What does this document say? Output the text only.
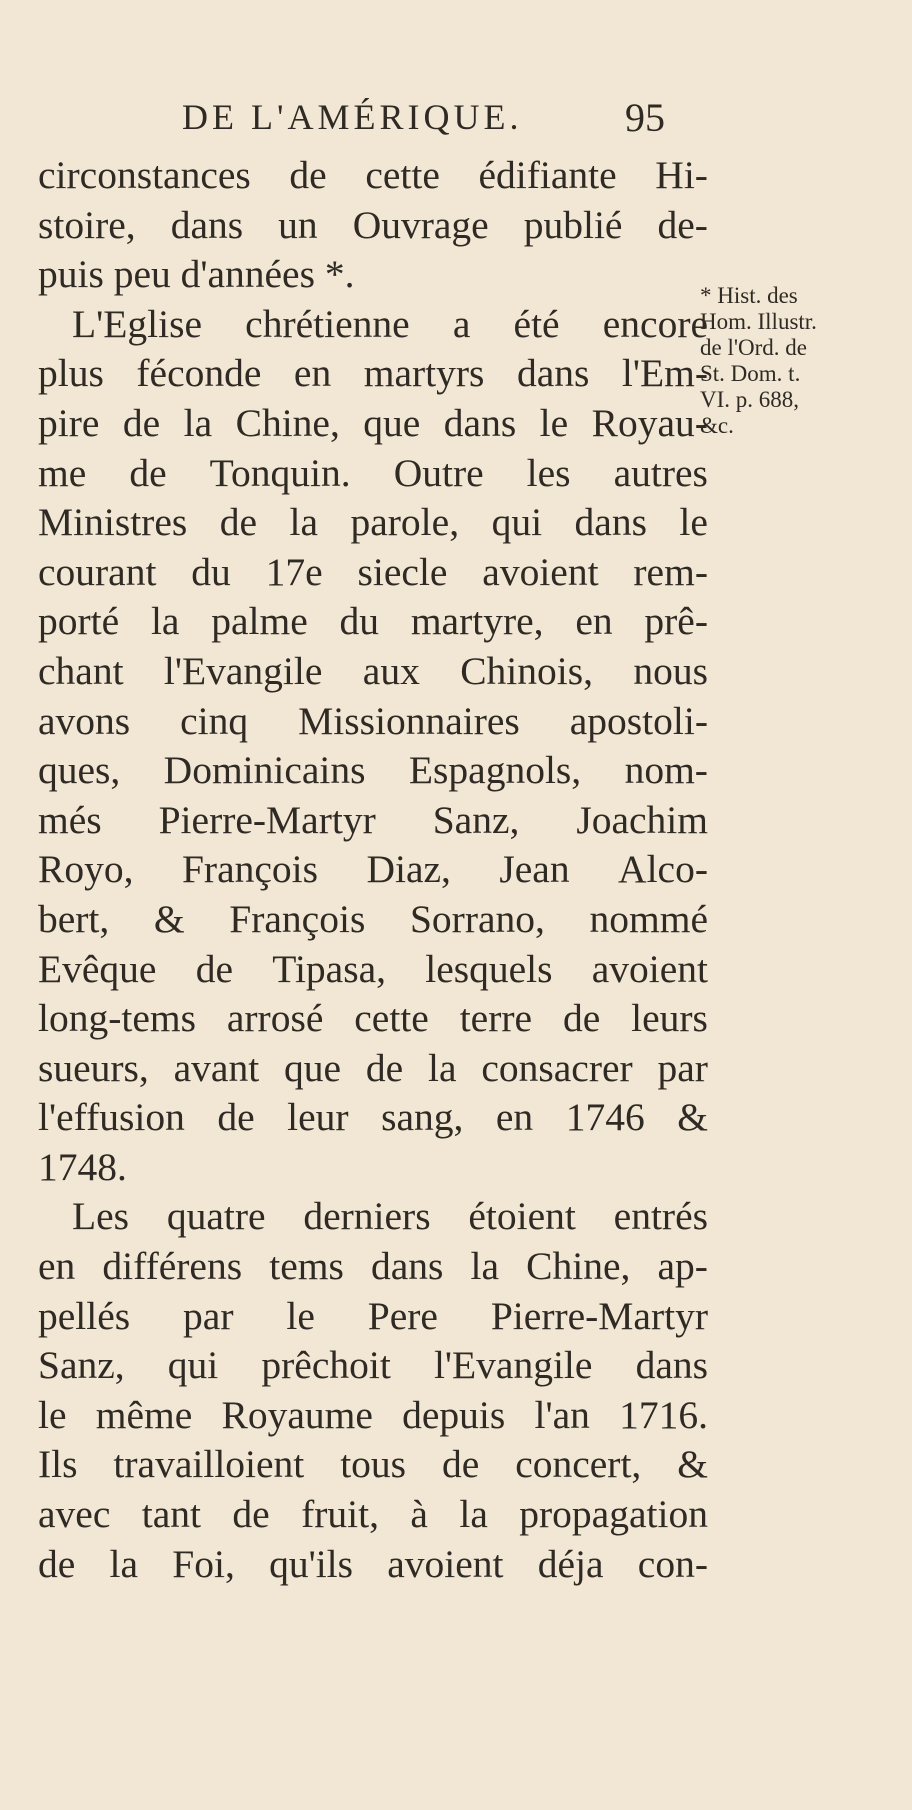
DE L'AMÉRIQUE.	95
circonstances de cette édifiante Hi-
stoire, dans un Ouvrage publié de-
puis peu d'années *.
L'Eglise chrétienne a été encore
plus féconde en martyrs dans l'Em-
pire de la Chine, que dans le Royau-
me de Tonquin. Outre les autres
Ministres de la parole, qui dans le
courant du 17e siecle avoient rem-
porté la palme du martyre, en prê-
chant l'Evangile aux Chinois, nous
avons cinq Missionnaires apostoli-
ques, Dominicains Espagnols, nom-
més Pierre-Martyr Sanz, Joachim
Royo, François Diaz, Jean Alco-
bert, & François Sorrano, nommé
Evêque de Tipasa, lesquels avoient
long-tems arrosé cette terre de leurs
sueurs, avant que de la consacrer par
l'effusion de leur sang, en 1746 &
1748.
Les quatre derniers étoient entrés
en différens tems dans la Chine, ap-
pellés par le Pere Pierre-Martyr
Sanz, qui prêchoit l'Evangile dans
le même Royaume depuis l'an 1716.
Ils travailloient tous de concert, &
avec tant de fruit, à la propagation
de la Foi, qu'ils avoient déja con-
* Hist. des
Hom. Illustr.
de l'Ord. de
St. Dom. t.
VI. p. 688,
&c.
